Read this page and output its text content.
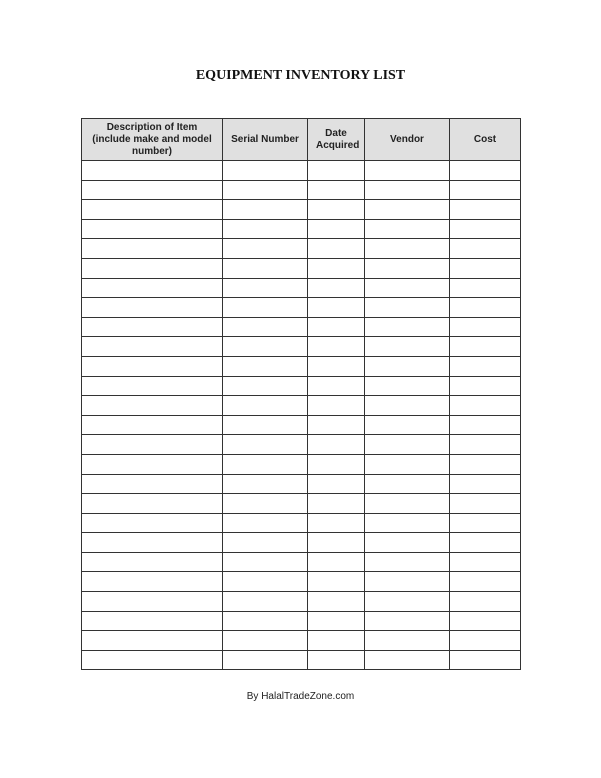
EQUIPMENT INVENTORY LIST
Description of Item (include make and model number)	Serial Number	Date Acquired	Vendor	Cost

By HalalTradeZone.com
